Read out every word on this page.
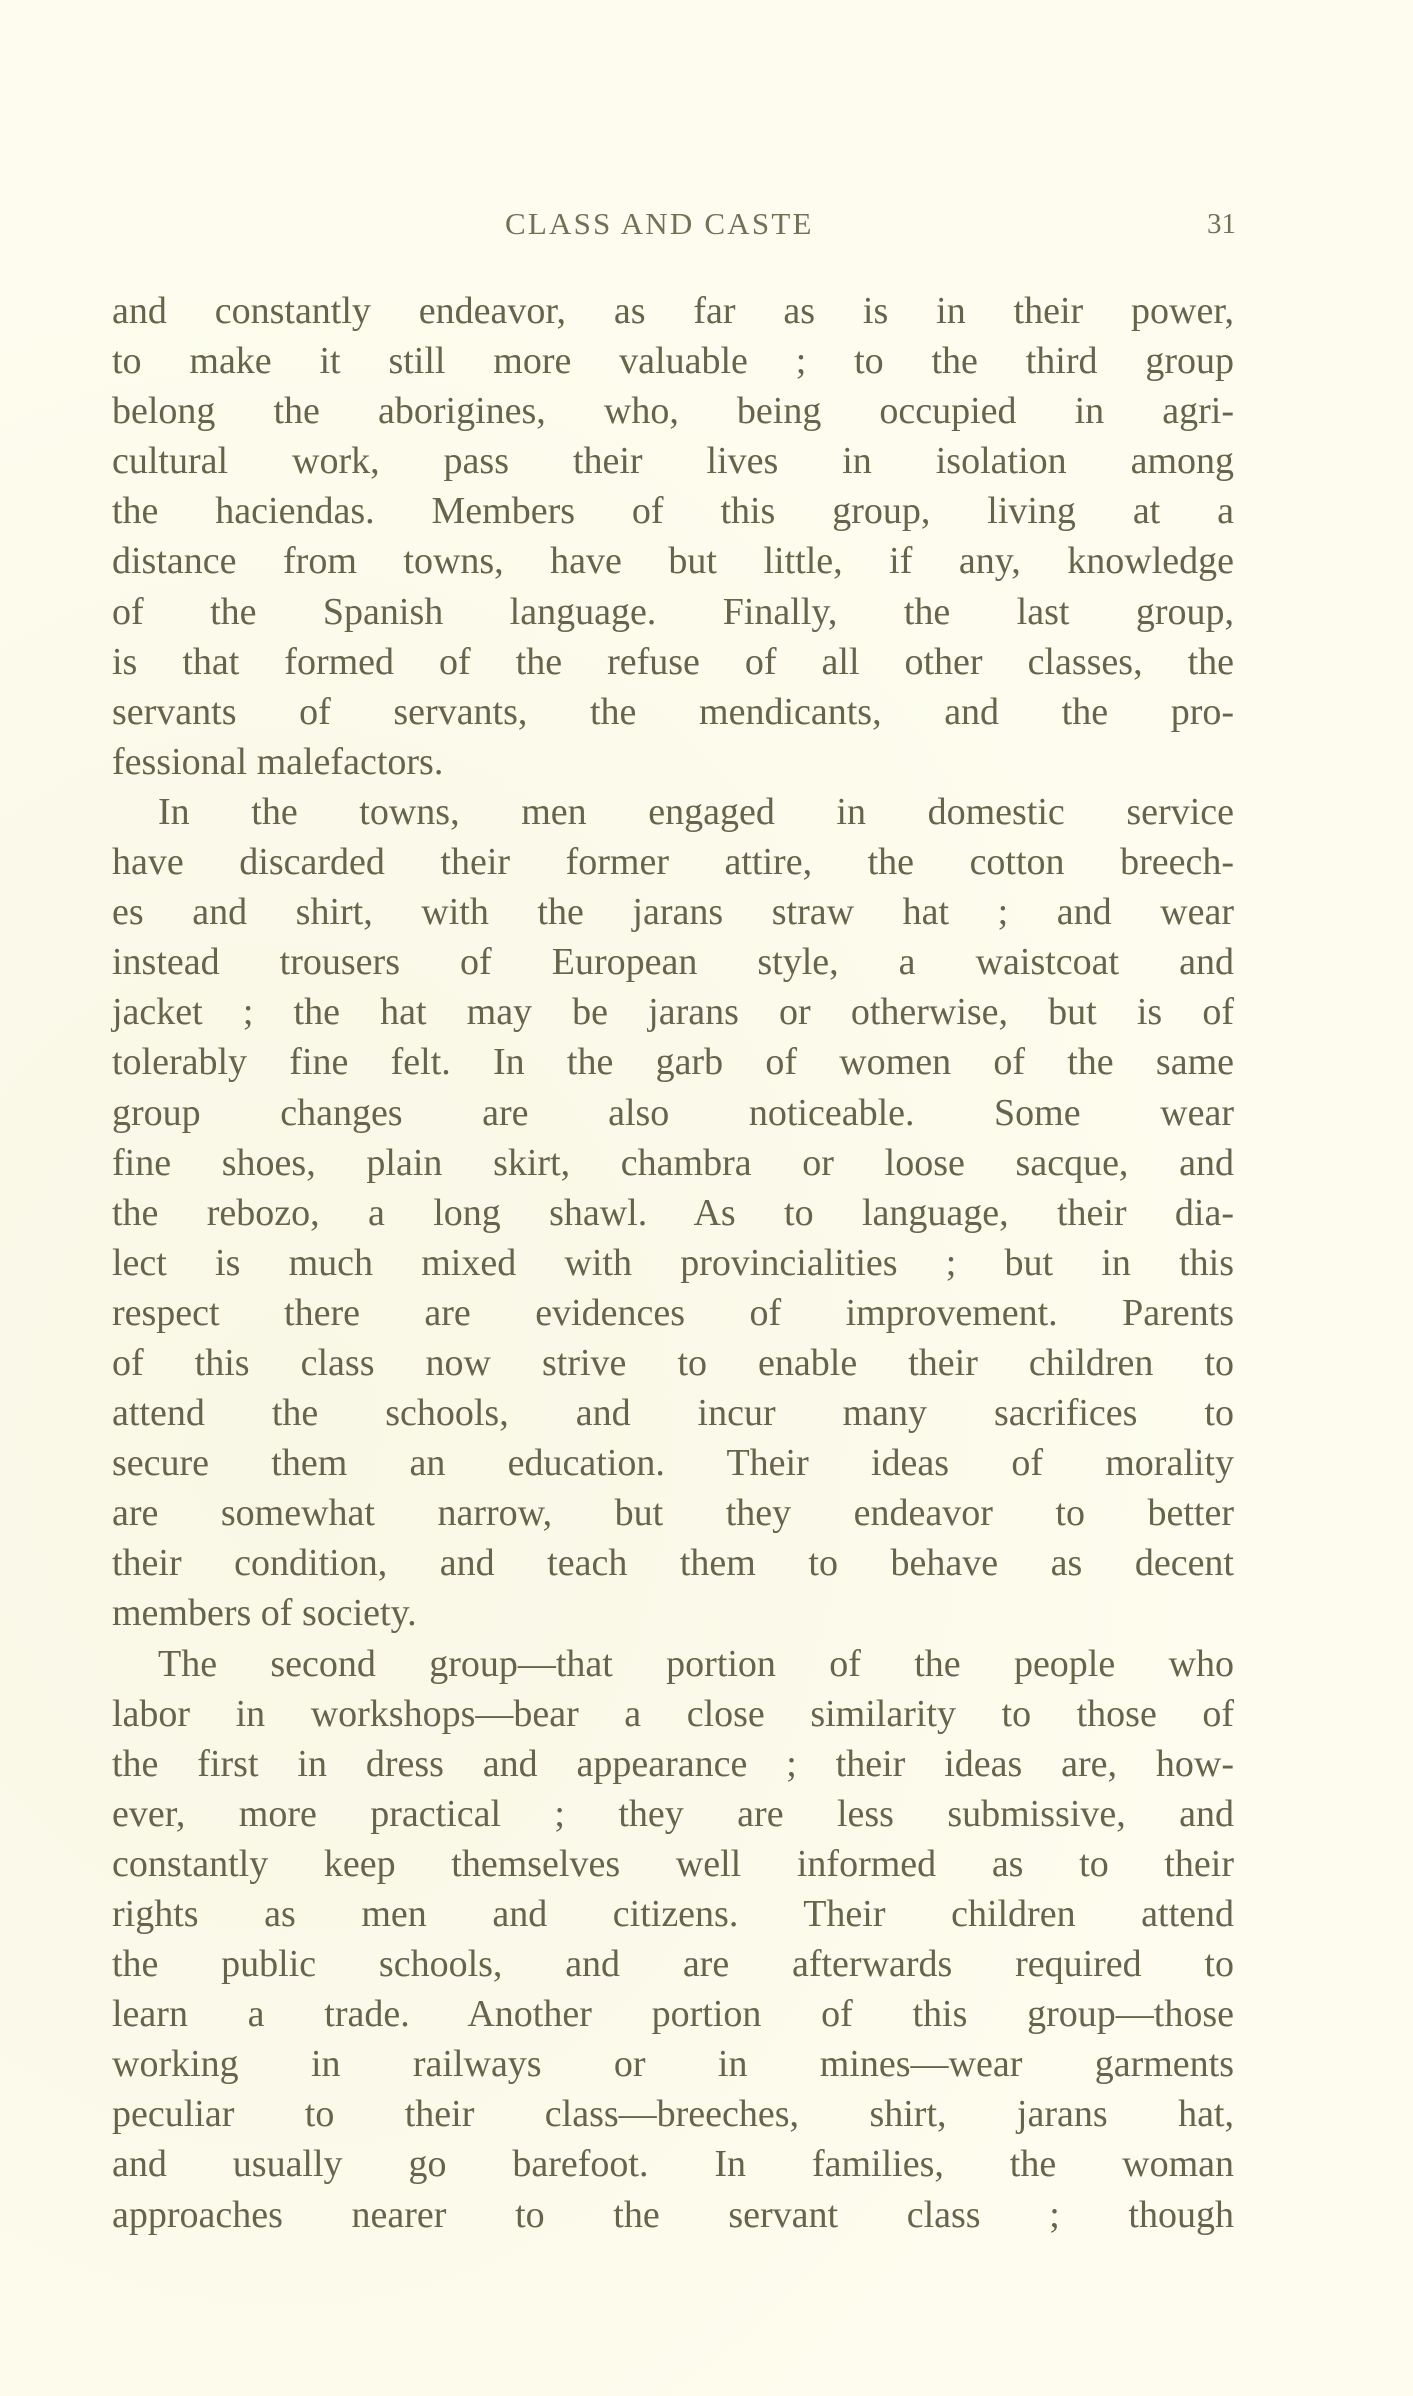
CLASS AND CASTE	31
and constantly endeavor, as far as is in their power,
to make it still more valuable ; to the third group
belong the aborigines, who, being occupied in agri-
cultural work, pass their lives in isolation among
the haciendas. Members of this group, living at a
distance from towns, have but little, if any, knowledge
of the Spanish language. Finally, the last group,
is that formed of the refuse of all other classes, the
servants of servants, the mendicants, and the pro-
fessional malefactors.
In the towns, men engaged in domestic service
have discarded their former attire, the cotton breech-
es and shirt, with the jarans straw hat ; and wear
instead trousers of European style, a waistcoat and
jacket ; the hat may be jarans or otherwise, but is of
tolerably fine felt. In the garb of women of the same
group changes are also noticeable. Some wear
fine shoes, plain skirt, chambra or loose sacque, and
the rebozo, a long shawl. As to language, their dia-
lect is much mixed with provincialities ; but in this
respect there are evidences of improvement. Parents
of this class now strive to enable their children to
attend the schools, and incur many sacrifices to
secure them an education. Their ideas of morality
are somewhat narrow, but they endeavor to better
their condition, and teach them to behave as decent
members of society.
The second group—that portion of the people who
labor in workshops—bear a close similarity to those of
the first in dress and appearance ; their ideas are, how-
ever, more practical ; they are less submissive, and
constantly keep themselves well informed as to their
rights as men and citizens. Their children attend
the public schools, and are afterwards required to
learn a trade. Another portion of this group—those
working in railways or in mines—wear garments
peculiar to their class—breeches, shirt, jarans hat,
and usually go barefoot. In families, the woman
approaches nearer to the servant class ; though
